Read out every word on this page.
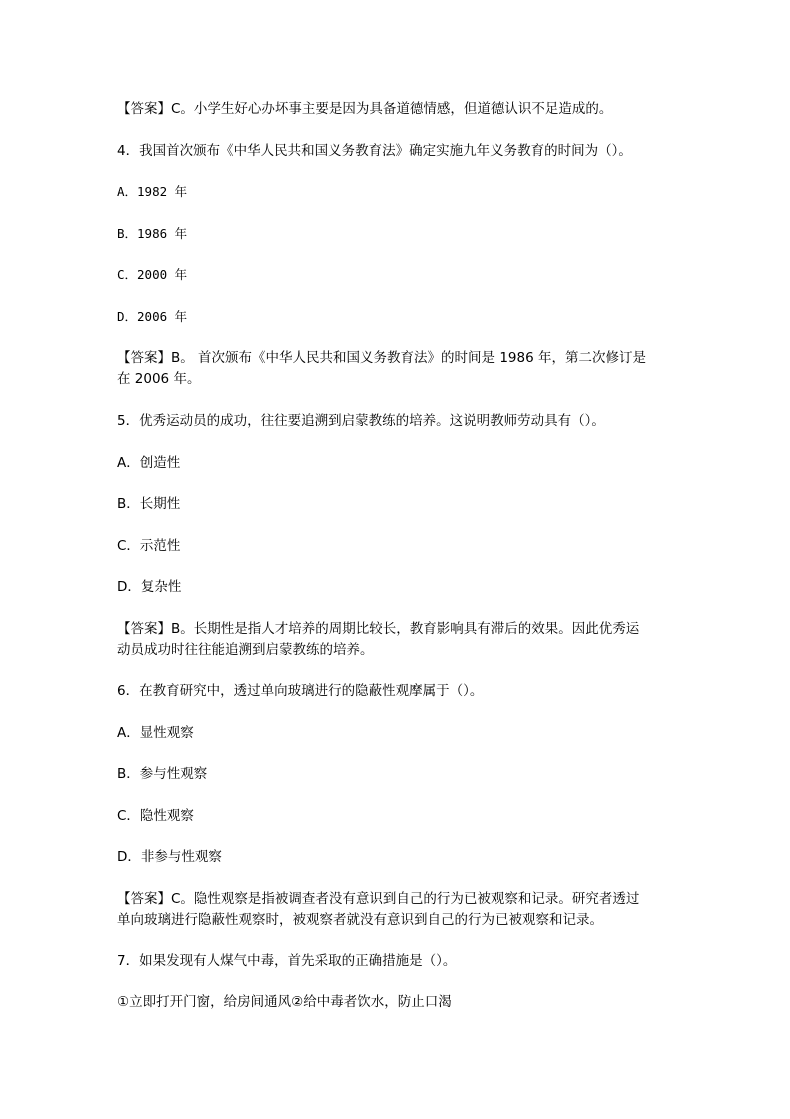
【答案】C。小学生好心办坏事主要是因为具备道德情感，但道德认识不足造成的。
4．我国首次颁布《中华人民共和国义务教育法》确定实施九年义务教育的时间为（）。
A．1982 年
B．1986 年
C．2000 年
D．2006 年
【答案】B。 首次颁布《中华人民共和国义务教育法》的时间是 1986 年，第二次修订是
在 2006 年。
5．优秀运动员的成功，往往要追溯到启蒙教练的培养。这说明教师劳动具有（）。
A．创造性
B．长期性
C．示范性
D．复杂性
【答案】B。长期性是指人才培养的周期比较长，教育影响具有滞后的效果。因此优秀运
动员成功时往往能追溯到启蒙教练的培养。
6．在教育研究中，透过单向玻璃进行的隐蔽性观摩属于（）。
A．显性观察
B．参与性观察
C．隐性观察
D．非参与性观察
【答案】C。隐性观察是指被调查者没有意识到自己的行为已被观察和记录。研究者透过
单向玻璃进行隐蔽性观察时，被观察者就没有意识到自己的行为已被观察和记录。
7．如果发现有人煤气中毒，首先采取的正确措施是（）。
①立即打开门窗，给房间通风②给中毒者饮水，防止口渴
